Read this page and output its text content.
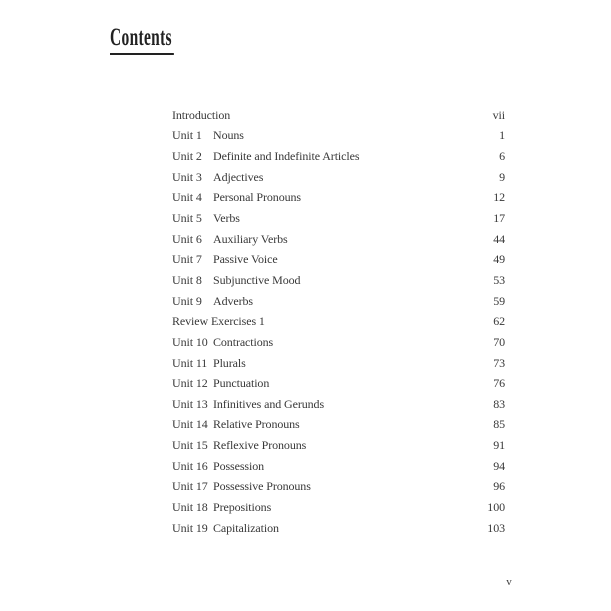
Contents
Introduction	vii
Unit 1 Nouns	1
Unit 2 Definite and Indefinite Articles	6
Unit 3 Adjectives	9
Unit 4 Personal Pronouns	12
Unit 5 Verbs	17
Unit 6 Auxiliary Verbs	44
Unit 7 Passive Voice	49
Unit 8 Subjunctive Mood	53
Unit 9 Adverbs	59
Review Exercises 1	62
Unit 10 Contractions	70
Unit 11 Plurals	73
Unit 12 Punctuation	76
Unit 13 Infinitives and Gerunds	83
Unit 14 Relative Pronouns	85
Unit 15 Reflexive Pronouns	91
Unit 16 Possession	94
Unit 17 Possessive Pronouns	96
Unit 18 Prepositions	100
Unit 19 Capitalization	103
v
